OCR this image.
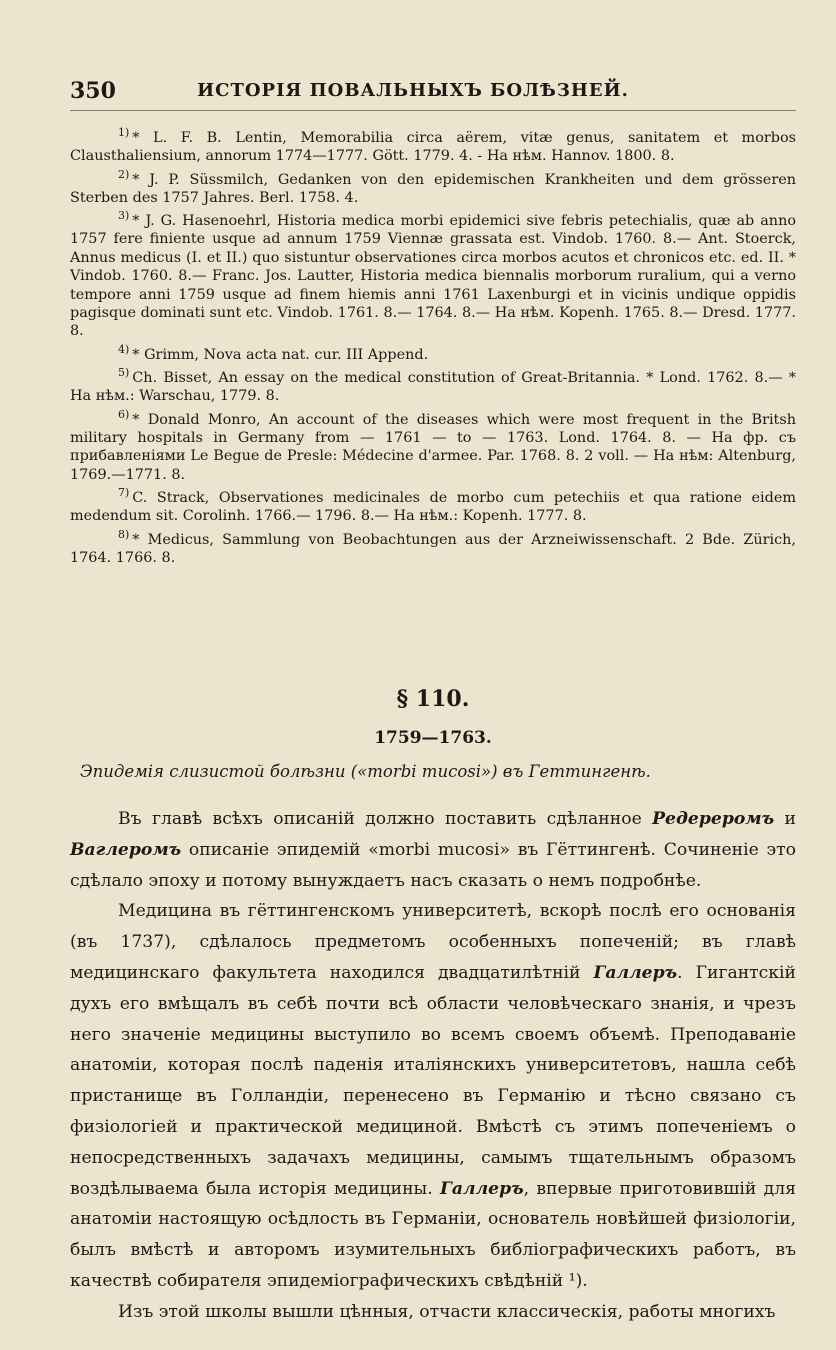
350	ИСТОРІЯ ПОВАЛЬНЫХЪ БОЛѢЗНЕЙ.

$^{1)}$ * L. F. B. Lentin, Memorabilia circa aërem, vitæ genus, sanitatem et morbos Clausthaliensium, annorum 1774—1777. Gött. 1779. 4. - На нѣм. Hannov. 1800. 8.

$^{2)}$ * J. P. Süssmilch, Gedanken von den epidemischen Krankheiten und dem grösseren Sterben des 1757 Jahres. Berl. 1758. 4.

$^{3)}$ * J. G. Hasenoehrl, Historia medica morbi epidemici sive febris petechialis, quæ ab anno 1757 fere finiente usque ad annum 1759 Viennæ grassata est. Vindob. 1760. 8.— Ant. Stoerck, Annus medicus (I. et II.) quo sistuntur observationes circa morbos acutos et chronicos etc. ed. II. * Vindob. 1760. 8.— Franc. Jos. Lautter, Historia medica biennalis morborum ruralium, qui a verno tempore anni 1759 usque ad finem hiemis anni 1761 Laxenburgi et in vicinis undique oppidis pagisque dominati sunt etc. Vindob. 1761. 8.— 1764. 8.— На нѣм. Kopenh. 1765. 8.— Dresd. 1777. 8.

$^{4)}$ * Grimm, Nova acta nat. cur. III Append.

$^{5)}$ Ch. Bisset, An essay on the medical constitution of Great-Britannia. * Lond. 1762. 8.— * На нѣм.: Warschau, 1779. 8.

$^{6)}$ * Donald Monro, An account of the diseases which were most frequent in the Britsh military hospitals in Germany from — 1761 — to — 1763. Lond. 1764. 8. — На фр. съ прибавленіями Le Begue de Presle: Médecine d'armee. Par. 1768. 8. 2 voll. — На нѣм: Altenburg, 1769.—1771. 8.

$^{7)}$ C. Strack, Observationes medicinales de morbo cum petechiis et qua ratione eidem medendum sit. Corolinh. 1766.— 1796. 8.— На нѣм.: Kopenh. 1777. 8.

$^{8)}$ * Medicus, Sammlung von Beobachtungen aus der Arzneiwissenschaft. 2 Bde. Zürich, 1764. 1766. 8.

§ 110.
1759—1763.
Эпидемія слизистой болѣзни («morbi mucosi») въ Геттингенѣ.

Въ главѣ всѣхъ описаній должно поставить сдѣланное Редереромъ и Ваглеромъ описаніе эпидемій «morbi mucosi» въ Гёттингенѣ. Сочиненіе это сдѣлало эпоху и потому вынуждаетъ насъ сказать о немъ подробнѣе.

Медицина въ гёттингенскомъ университетѣ, вскорѣ послѣ его основанія (въ 1737), сдѣлалось предметомъ особенныхъ попеченій; въ главѣ медицинскаго факультета находился двадцатилѣтній Галлеръ. Гигантскій духъ его вмѣщалъ въ себѣ почти всѣ области человѣческаго знанія, и чрезъ него значеніе медицины выступило во всемъ своемъ объемѣ. Преподаваніе анатоміи, которая послѣ паденія италіянскихъ университетовъ, нашла себѣ пристанище въ Голландіи, перенесено въ Германію и тѣсно связано съ физіологіей и практической медициной. Вмѣстѣ съ этимъ попеченіемъ о непосредственныхъ задачахъ медицины, самымъ тщательнымъ образомъ воздѣлываема была исторія медицины. Галлеръ, впервые приготовившій для анатоміи настоящую осѣдлость въ Германіи, основатель новѣйшей физіологіи, былъ вмѣстѣ и авторомъ изумительныхъ библіографическихъ работъ, въ качествѣ собирателя эпидеміографическихъ свѣдѣній ¹).

Изъ этой школы вышли цѣнныя, отчасти классическія, работы многихъ
